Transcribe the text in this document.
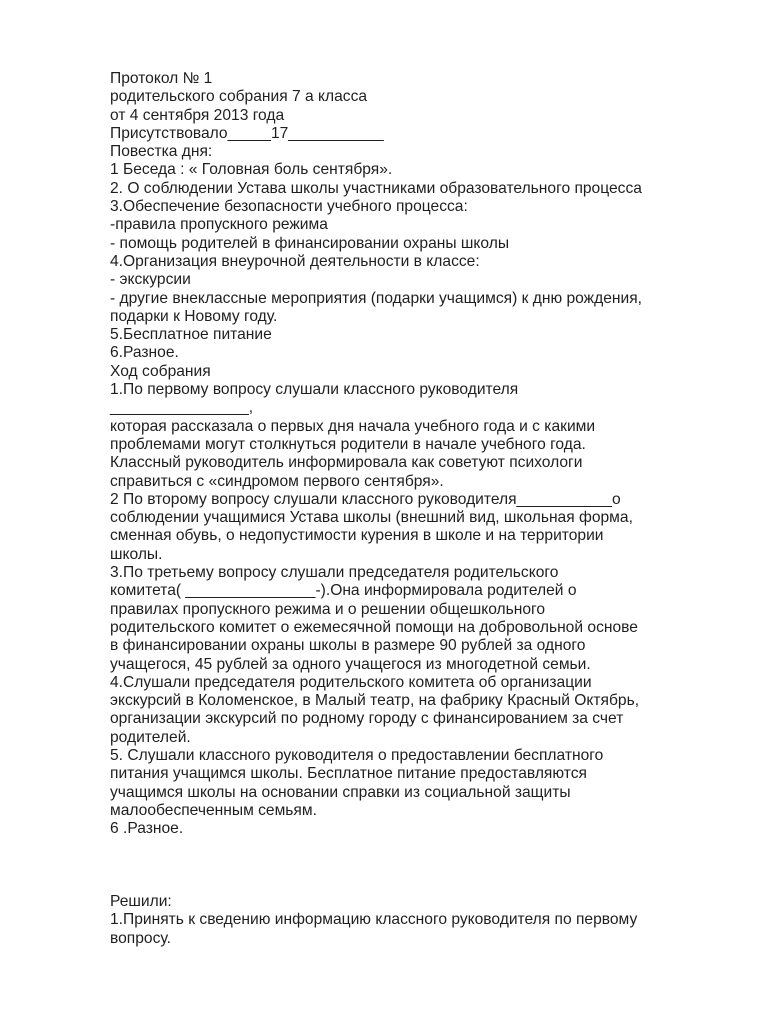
Протокол № 1
родительского собрания 7 а класса
от 4 сентября 2013 года
Присутствовало_____17___________
Повестка дня:
1 Беседа : « Головная боль сентября».
2. О соблюдении Устава школы участниками образовательного процесса
3.Обеспечение безопасности учебного процесса:
-правила пропускного режима
- помощь родителей в финансировании охраны школы
4.Организация внеурочной деятельности в классе:
- экскурсии
- другие внеклассные мероприятия (подарки учащимся) к дню рождения,
подарки к Новому году.
5.Бесплатное питание
6.Разное.
Ход собрания
1.По первому вопросу слушали классного руководителя
________________,
которая рассказала о первых дня начала учебного года и с какими
проблемами могут столкнуться родители в начале учебного года.
Классный руководитель информировала как советуют психологи
справиться с «синдромом первого сентября».
2 По второму вопросу слушали классного руководителя___________о
соблюдении учащимися Устава школы (внешний вид, школьная форма,
сменная обувь, о недопустимости курения в школе и на территории
школы.
3.По третьему вопросу слушали председателя родительского
комитета( _______________-).Она информировала родителей о
правилах пропускного режима и о решении общешкольного
родительского комитет о ежемесячной помощи на добровольной основе
в финансировании охраны школы в размере 90 рублей за одного
учащегося, 45 рублей за одного учащегося из многодетной семьи.
4.Слушали председателя родительского комитета об организации
экскурсий в Коломенское, в Малый театр, на фабрику Красный Октябрь,
организации экскурсий по родному городу с финансированием за счет
родителей.
5. Слушали классного руководителя о предоставлении бесплатного
питания учащимся школы. Бесплатное питание предоставляются
учащимся школы на основании справки из социальной защиты
малообеспеченным семьям.
6 .Разное.
Решили:
1.Принять к сведению информацию классного руководителя по первому
вопросу.
